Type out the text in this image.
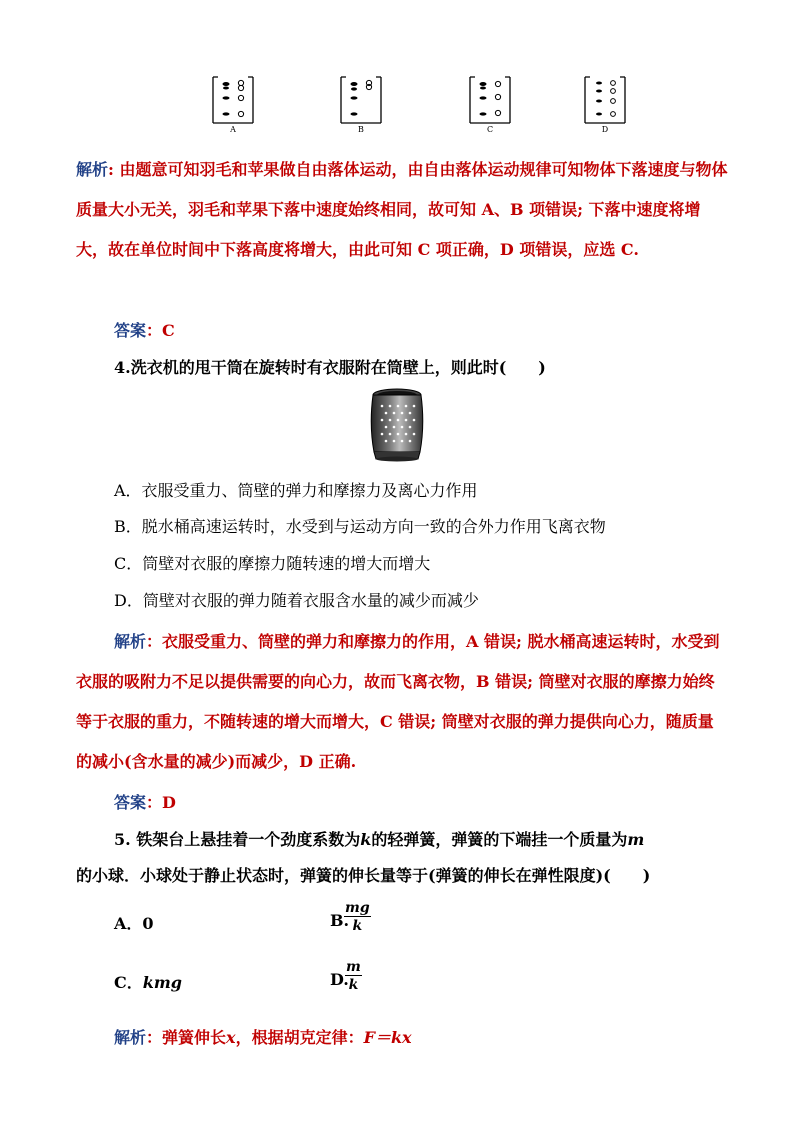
A	B	C	D

解析: 由题意可知羽毛和苹果做自由落体运动，由自由落体运动规律可知物体下落速度与物体质量大小无关，羽毛和苹果下落中速度始终相同，故可知 A、B 项错误; 下落中速度将增大，故在单位时间中下落高度将增大，由此可知 C 项正确，D 项错误，应选 C.

答案：C
4.洗衣机的甩干筒在旋转时有衣服附在筒壁上，则此时(　　)
A．衣服受重力、筒壁的弹力和摩擦力及离心力作用
B．脱水桶高速运转时，水受到与运动方向一致的合外力作用飞离衣物
C．筒壁对衣服的摩擦力随转速的增大而增大
D．筒壁对衣服的弹力随着衣服含水量的减少而减少

解析：衣服受重力、筒壁的弹力和摩擦力的作用，A 错误; 脱水桶高速运转时，水受到衣服的吸附力不足以提供需要的向心力，故而飞离衣物，B 错误; 筒壁对衣服的摩擦力始终等于衣服的重力，不随转速的增大而增大，C 错误; 筒壁对衣服的弹力提供向心力，随质量的减小(含水量的减少)而减少，D 正确.

答案：D
5. 铁架台上悬挂着一个劲度系数为k的轻弹簧，弹簧的下端挂一个质量为m
的小球．小球处于静止状态时，弹簧的伸长量等于(弹簧的伸长在弹性限度)(　　)
A．0	B.
$\frac{mg}{k}$
C．kmg	D.
$\frac{m}{k}$
解析：弹簧伸长x，根据胡克定律：F＝kx
